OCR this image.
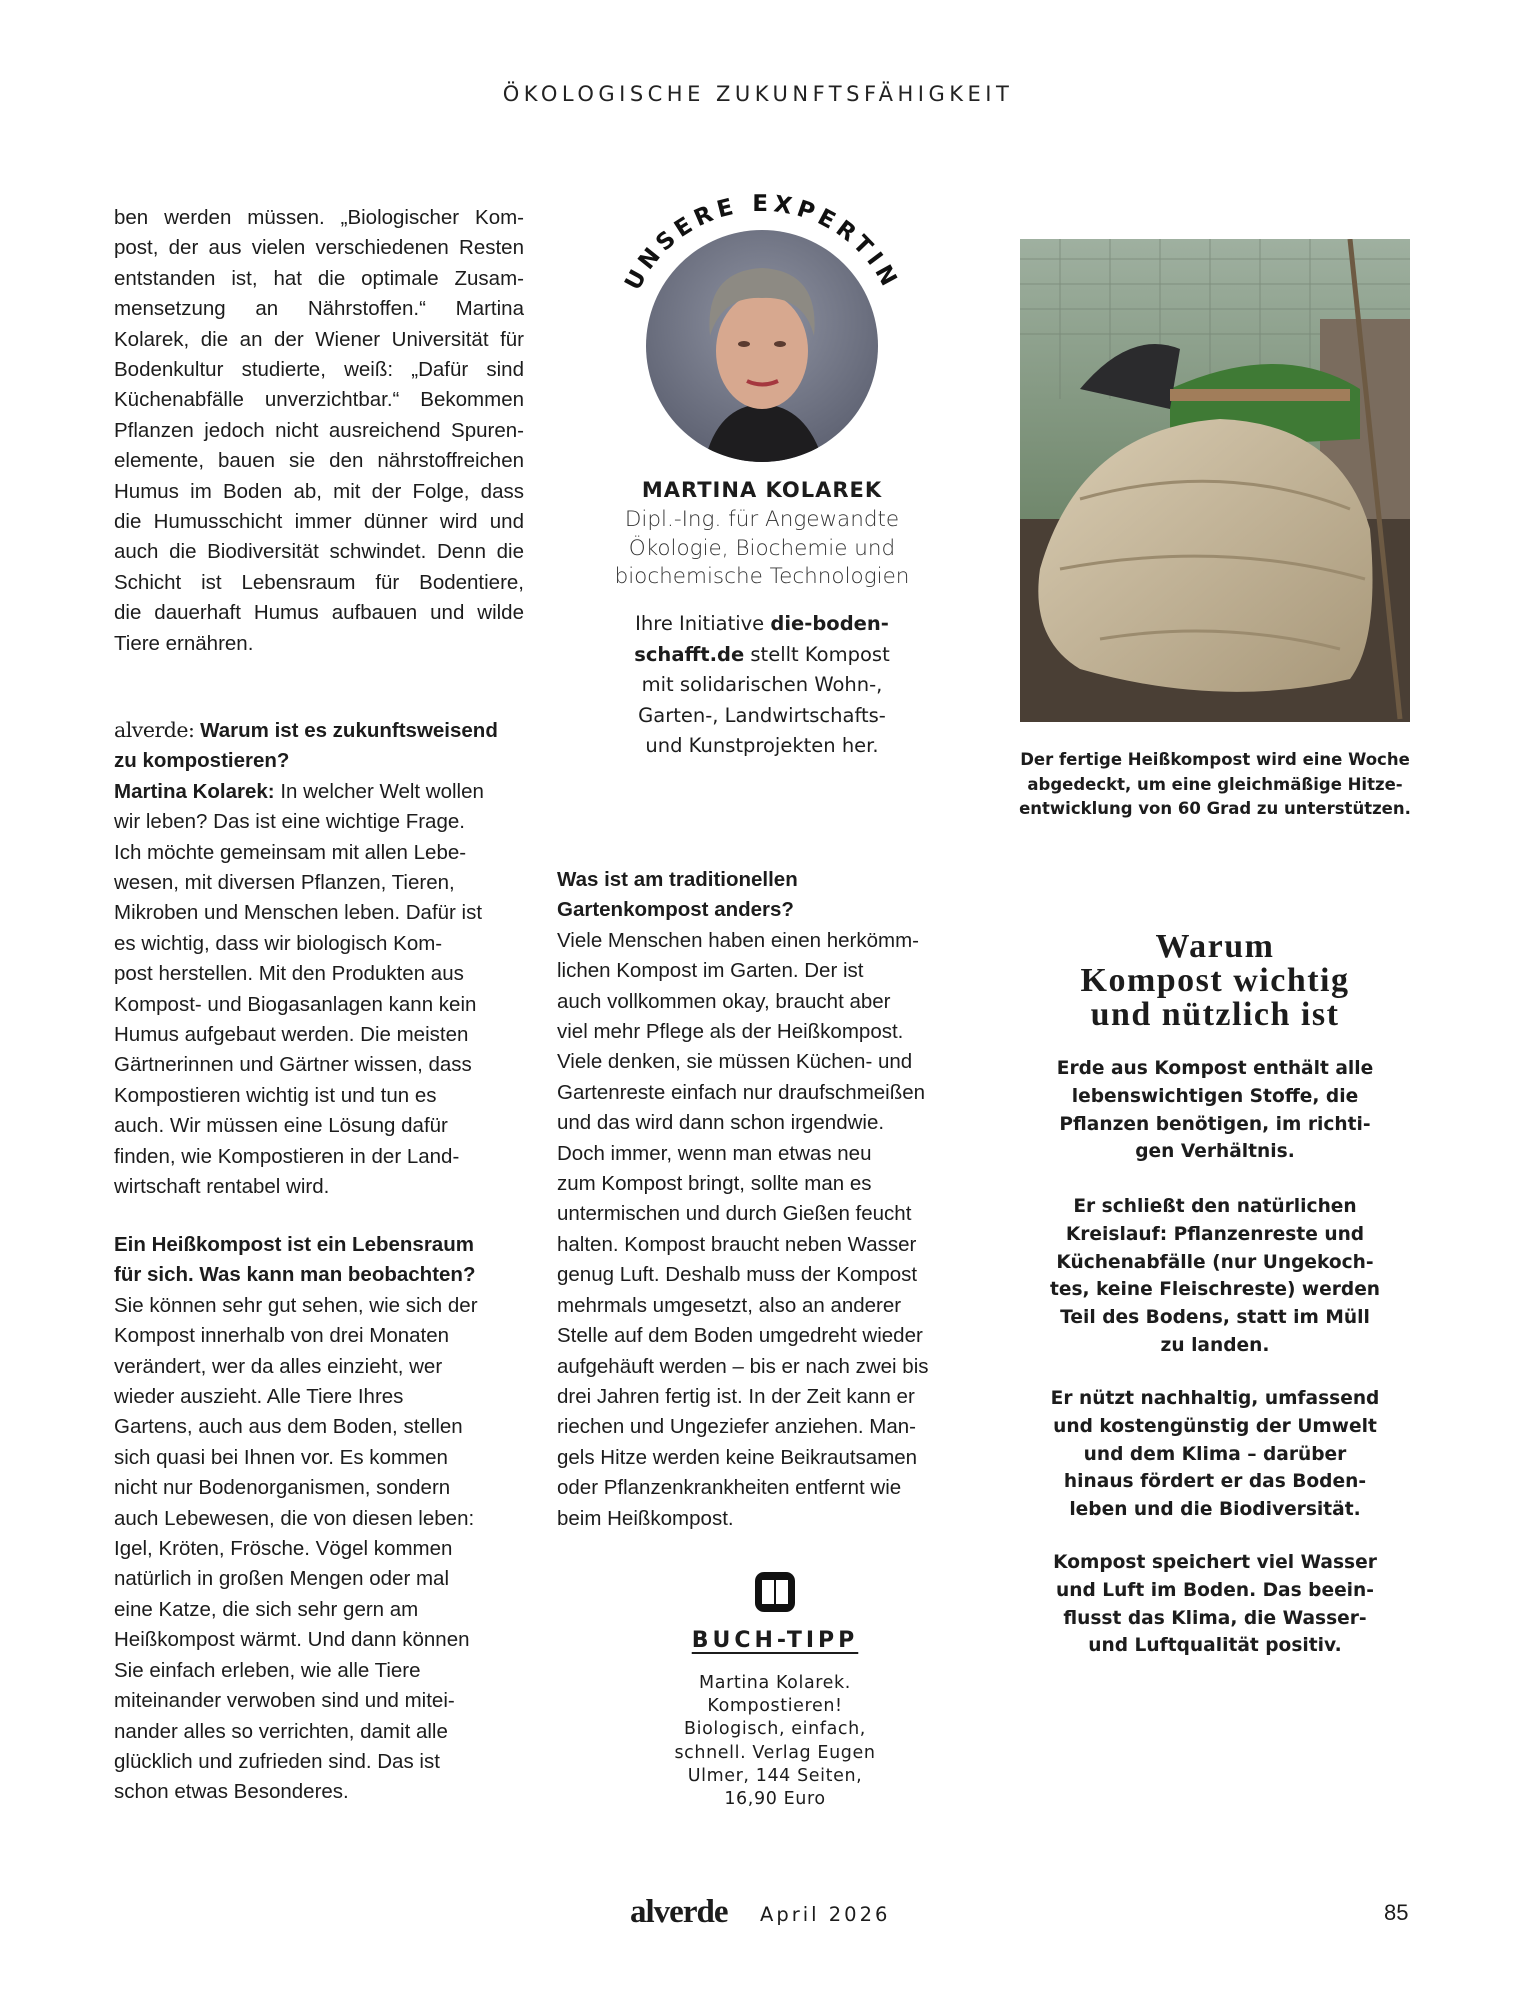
ÖKOLOGISCHE ZUKUNFTSFÄHIGKEIT
ben werden müssen. „Biologischer Kom-
post, der aus vielen verschiedenen Resten
entstanden ist, hat die optimale Zusam-
mensetzung an Nährstoffen.“ Martina
Kolarek, die an der Wiener Universität für
Bodenkultur studierte, weiß: „Dafür sind
Küchenabfälle unverzichtbar.“ Bekommen
Pflanzen jedoch nicht ausreichend Spuren-
elemente, bauen sie den nährstoffreichen
Humus im Boden ab, mit der Folge, dass
die Humusschicht immer dünner wird und
auch die Biodiversität schwindet. Denn die
Schicht ist Lebensraum für Bodentiere,
die dauerhaft Humus aufbauen und wilde
Tiere ernähren.
alverde: Warum ist es zukunftsweisend
zu kompostieren?
Martina Kolarek: In welcher Welt wollen
wir leben? Das ist eine wichtige Frage.
Ich möchte gemeinsam mit allen Lebe-
wesen, mit diversen Pflanzen, Tieren,
Mikroben und Menschen leben. Dafür ist
es wichtig, dass wir biologisch Kom-
post herstellen. Mit den Produkten aus
Kompost- und Biogasanlagen kann kein
Humus aufgebaut werden. Die meisten
Gärtnerinnen und Gärtner wissen, dass
Kompostieren wichtig ist und tun es
auch. Wir müssen eine Lösung dafür
finden, wie Kompostieren in der Land-
wirtschaft rentabel wird.
Ein Heißkompost ist ein Lebensraum
für sich. Was kann man beobachten?
Sie können sehr gut sehen, wie sich der
Kompost innerhalb von drei Monaten
verändert, wer da alles einzieht, wer
wieder auszieht. Alle Tiere Ihres
Gartens, auch aus dem Boden, stellen
sich quasi bei Ihnen vor. Es kommen
nicht nur Bodenorganismen, sondern
auch Lebewesen, die von diesen leben:
Igel, Kröten, Frösche. Vögel kommen
natürlich in großen Mengen oder mal
eine Katze, die sich sehr gern am
Heißkompost wärmt. Und dann können
Sie einfach erleben, wie alle Tiere
miteinander verwoben sind und mitei-
nander alles so verrichten, damit alle
glücklich und zufrieden sind. Das ist
schon etwas Besonderes.
UNSERE EXPERTIN
MARTINA KOLAREK
Dipl.-Ing. für Angewandte
Ökologie, Biochemie und
biochemische Technologien
Ihre Initiative die-boden-
schafft.de stellt Kompost
mit solidarischen Wohn-,
Garten-, Landwirtschafts-
und Kunstprojekten her.
Was ist am traditionellen
Gartenkompost anders?
Viele Menschen haben einen herkömm-
lichen Kompost im Garten. Der ist
auch vollkommen okay, braucht aber
viel mehr Pflege als der Heißkompost.
Viele denken, sie müssen Küchen- und
Gartenreste einfach nur draufschmeißen
und das wird dann schon irgendwie.
Doch immer, wenn man etwas neu
zum Kompost bringt, sollte man es
untermischen und durch Gießen feucht
halten. Kompost braucht neben Wasser
genug Luft. Deshalb muss der Kompost
mehrmals umgesetzt, also an anderer
Stelle auf dem Boden umgedreht wieder
aufgehäuft werden – bis er nach zwei bis
drei Jahren fertig ist. In der Zeit kann er
riechen und Ungeziefer anziehen. Man-
gels Hitze werden keine Beikrautsamen
oder Pflanzenkrankheiten entfernt wie
beim Heißkompost.
BUCH-TIPP
Martina Kolarek.
Kompostieren!
Biologisch, einfach,
schnell. Verlag Eugen
Ulmer, 144 Seiten,
16,90 Euro
Der fertige Heißkompost wird eine Woche
abgedeckt, um eine gleichmäßige Hitze-
entwicklung von 60 Grad zu unterstützen.
Warum
Kompost wichtig
und nützlich ist
Erde aus Kompost enthält alle
lebenswichtigen Stoffe, die
Pflanzen benötigen, im richti-
gen Verhältnis.
Er schließt den natürlichen
Kreislauf: Pflanzenreste und
Küchenabfälle (nur Ungekoch-
tes, keine Fleischreste) werden
Teil des Bodens, statt im Müll
zu landen.
Er nützt nachhaltig, umfassend
und kostengünstig der Umwelt
und dem Klima – darüber
hinaus fördert er das Boden-
leben und die Biodiversität.
Kompost speichert viel Wasser
und Luft im Boden. Das beein-
flusst das Klima, die Wasser-
und Luftqualität positiv.
alverde April 2026	85
